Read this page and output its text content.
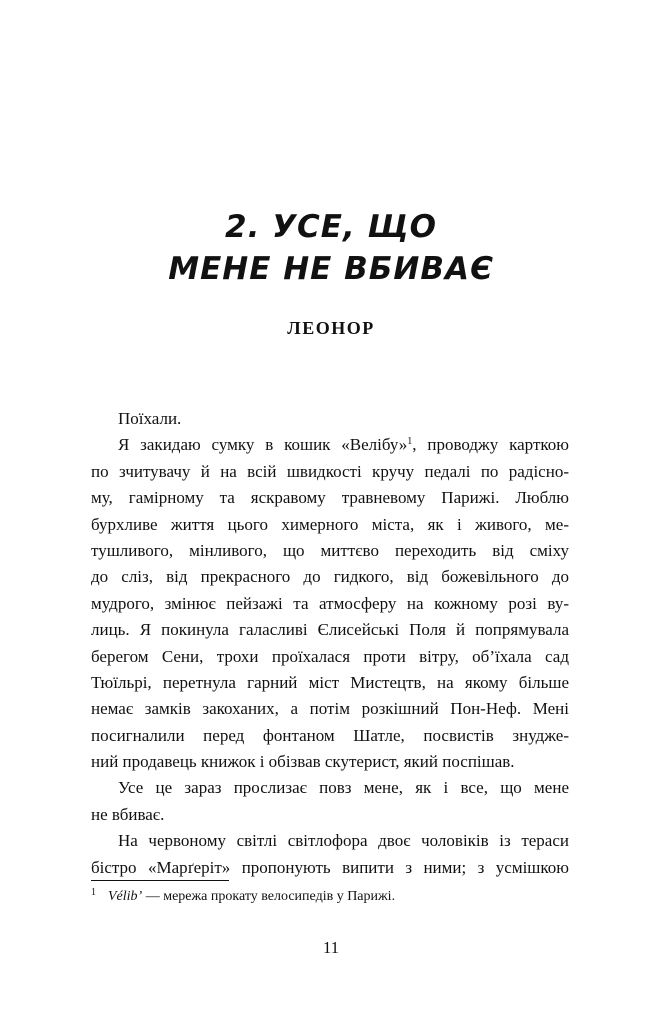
2. УСЕ, ЩО
МЕНЕ НЕ ВБИВАЄ
ЛЕОНОР
Поїхали.
Я закидаю сумку в кошик «Велібу»$^1$, проводжу карткою
по зчитувачу й на всій швидкості кручу педалі по радісно-
му, гамірному та яскравому травневому Парижі. Люблю
бурхливе життя цього химерного міста, як і живого, ме-
тушливого, мінливого, що миттєво переходить від сміху
до сліз, від прекрасного до гидкого, від божевільного до
мудрого, змінює пейзажі та атмосферу на кожному розі ву-
лиць. Я покинула галасливі Єлисейські Поля й попрямувала
берегом Сени, трохи проїхалася проти вітру, об’їхала сад
Тюїльрі, перетнула гарний міст Мистецтв, на якому більше
немає замків закоханих, а потім розкішний Пон-Неф. Мені
посигналили перед фонтаном Шатле, посвистів знудже-
ний продавець книжок і обізвав скутерист, який поспішав.
Усе це зараз прослизає повз мене, як і все, що мене
не вбиває.
На червоному світлі світлофора двоє чоловіків із тераси
бістро «Марґеріт» пропонують випити з ними; з усмішкою
$^1$ Vélib’ — мережа прокату велосипедів у Парижі.
11
